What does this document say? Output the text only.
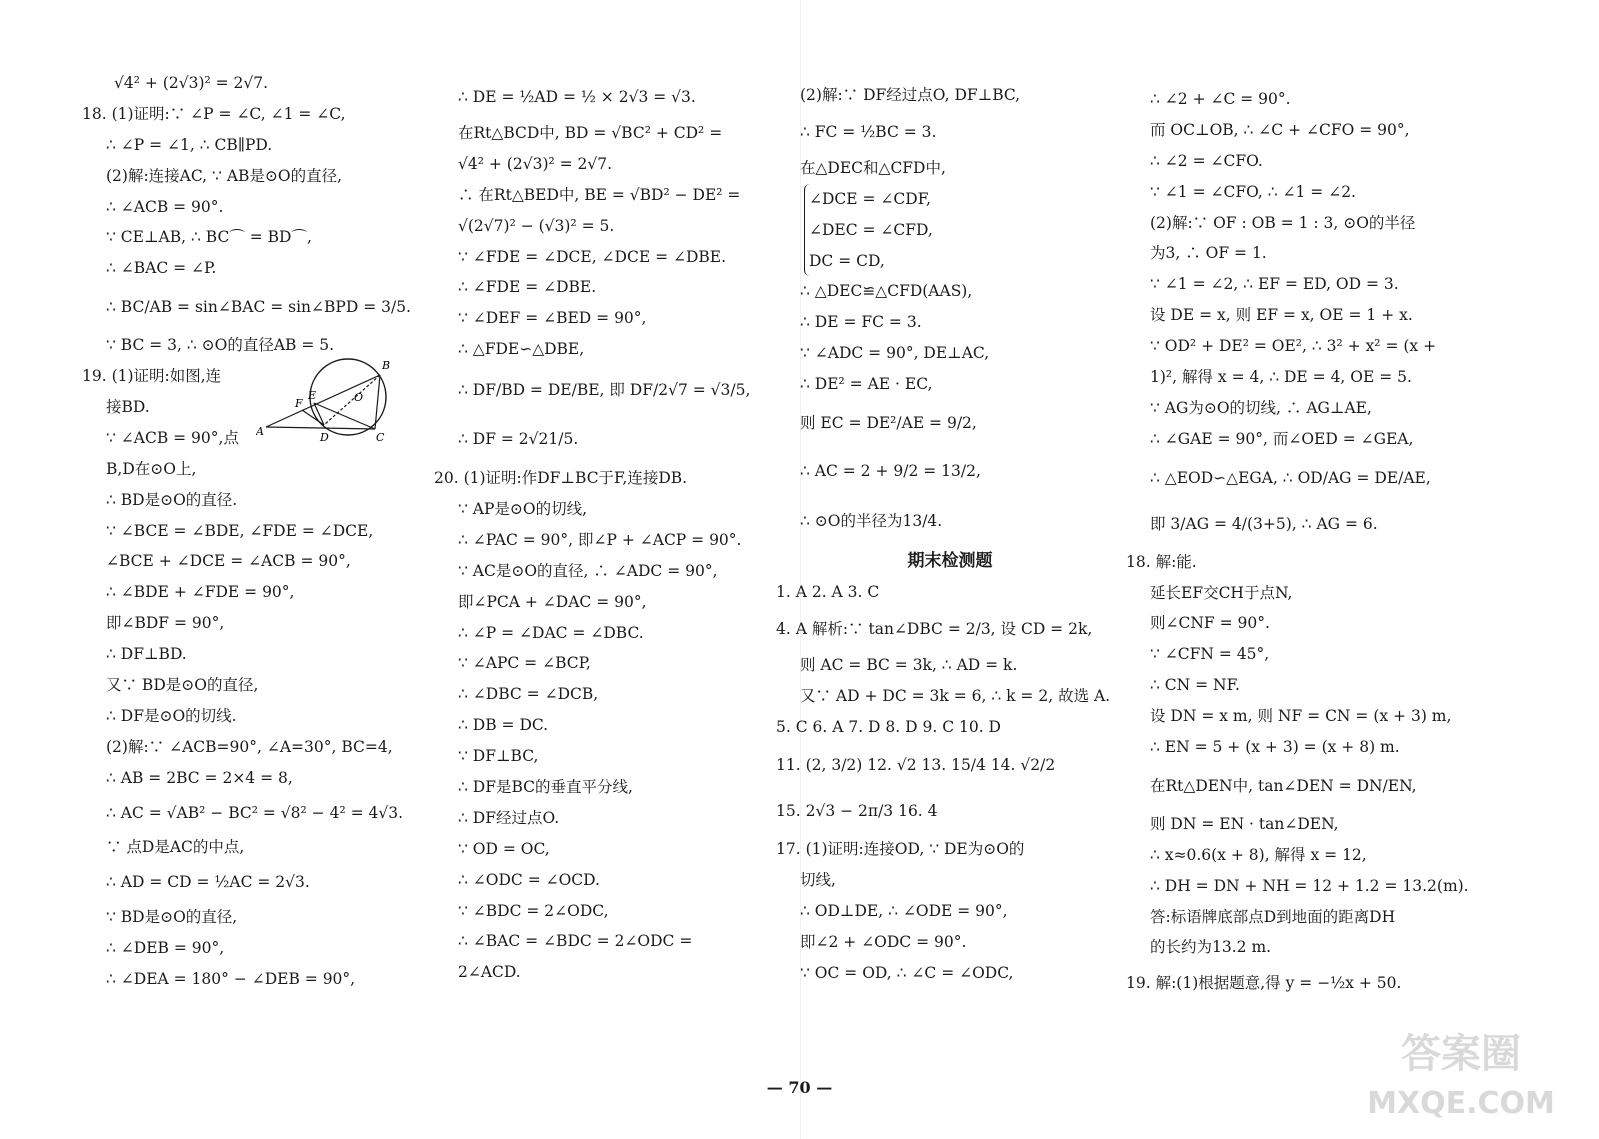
√4² + (2√3)² = 2√7.
18. (1)证明:∵ ∠P = ∠C, ∠1 = ∠C,
∴ ∠P = ∠1, ∴ CB∥PD.
(2)解:连接AC, ∵ AB是⊙O的直径,
∴ ∠ACB = 90°.
∵ CE⊥AB, ∴ BC⌒ = BD⌒,
∴ ∠BAC = ∠P.
∴ BC/AB = sin∠BAC = sin∠BPD = 3/5.
∵ BC = 3, ∴ ⊙O的直径AB = 5.
19. (1)证明:如图,连
接BD.
∵ ∠ACB = 90°,点
B,D在⊙O上,
B
E
F	O
A	D	C
∴ BD是⊙O的直径.
∵ ∠BCE = ∠BDE, ∠FDE = ∠DCE,
∠BCE + ∠DCE = ∠ACB = 90°,
∴ ∠BDE + ∠FDE = 90°,
即∠BDF = 90°,
∴ DF⊥BD.
又∵ BD是⊙O的直径,
∴ DF是⊙O的切线.
(2)解:∵ ∠ACB=90°, ∠A=30°, BC=4,
∴ AB = 2BC = 2×4 = 8,
∴ AC = √AB² − BC² = √8² − 4² = 4√3.
∵ 点D是AC的中点,
∴ AD = CD = ½AC = 2√3.
∵ BD是⊙O的直径,
∴ ∠DEB = 90°,
∴ ∠DEA = 180° − ∠DEB = 90°,
∴ DE = ½AD = ½ × 2√3 = √3.
在Rt△BCD中, BD = √BC² + CD² =
√4² + (2√3)² = 2√7.
∴ 在Rt△BED中, BE = √BD² − DE² =
√(2√7)² − (√3)² = 5.
∵ ∠FDE = ∠DCE, ∠DCE = ∠DBE.
∴ ∠FDE = ∠DBE.
∵ ∠DEF = ∠BED = 90°,
∴ △FDE∽△DBE,
∴ DF/BD = DE/BE, 即 DF/2√7 = √3/5,
∴ DF = 2√21/5.
20. (1)证明:作DF⊥BC于F,连接DB.
∵ AP是⊙O的切线,
∴ ∠PAC = 90°, 即∠P + ∠ACP = 90°.
∵ AC是⊙O的直径, ∴ ∠ADC = 90°,
即∠PCA + ∠DAC = 90°,
∴ ∠P = ∠DAC = ∠DBC.
∵ ∠APC = ∠BCP,
∴ ∠DBC = ∠DCB,
∴ DB = DC.
∵ DF⊥BC,
∴ DF是BC的垂直平分线,
∴ DF经过点O.
∵ OD = OC,
∴ ∠ODC = ∠OCD.
∵ ∠BDC = 2∠ODC,
∴ ∠BAC = ∠BDC = 2∠ODC =
2∠ACD.
(2)解:∵ DF经过点O, DF⊥BC,
∴ FC = ½BC = 3.
在△DEC和△CFD中,
∠DCE = ∠CDF,
∠DEC = ∠CFD,
DC = CD,
∴ △DEC≌△CFD(AAS),
∴ DE = FC = 3.
∵ ∠ADC = 90°, DE⊥AC,
∴ DE² = AE · EC,
则 EC = DE²/AE = 9/2,
∴ AC = 2 + 9/2 = 13/2,
∴ ⊙O的半径为13/4.
期末检测题
1. A 2. A 3. C
4. A 解析:∵ tan∠DBC = 2/3, 设 CD = 2k,
则 AC = BC = 3k, ∴ AD = k.
又∵ AD + DC = 3k = 6, ∴ k = 2, 故选 A.
5. C 6. A 7. D 8. D 9. C 10. D
11. (2, 3/2) 12. √2 13. 15/4 14. √2/2
15. 2√3 − 2π/3 16. 4
17. (1)证明:连接OD, ∵ DE为⊙O的
切线,
∴ OD⊥DE, ∴ ∠ODE = 90°,
即∠2 + ∠ODC = 90°.
∵ OC = OD, ∴ ∠C = ∠ODC,
∴ ∠2 + ∠C = 90°.
而 OC⊥OB, ∴ ∠C + ∠CFO = 90°,
∴ ∠2 = ∠CFO.
∵ ∠1 = ∠CFO, ∴ ∠1 = ∠2.
(2)解:∵ OF : OB = 1 : 3, ⊙O的半径
为3, ∴ OF = 1.
∵ ∠1 = ∠2, ∴ EF = ED, OD = 3.
设 DE = x, 则 EF = x, OE = 1 + x.
∵ OD² + DE² = OE², ∴ 3² + x² = (x +
1)², 解得 x = 4, ∴ DE = 4, OE = 5.
∵ AG为⊙O的切线, ∴ AG⊥AE,
∴ ∠GAE = 90°, 而∠OED = ∠GEA,
∴ △EOD∽△EGA, ∴ OD/AG = DE/AE,
即 3/AG = 4/(3+5), ∴ AG = 6.
18. 解:能.
延长EF交CH于点N,
则∠CNF = 90°.
∵ ∠CFN = 45°,
∴ CN = NF.
设 DN = x m, 则 NF = CN = (x + 3) m,
∴ EN = 5 + (x + 3) = (x + 8) m.
在Rt△DEN中, tan∠DEN = DN/EN,
则 DN = EN · tan∠DEN,
∴ x≈0.6(x + 8), 解得 x = 12,
∴ DH = DN + NH = 12 + 1.2 = 13.2(m).
答:标语牌底部点D到地面的距离DH
的长约为13.2 m.
19. 解:(1)根据题意,得 y = −½x + 50.
— 70 —
答案圈
MXQE.COM
